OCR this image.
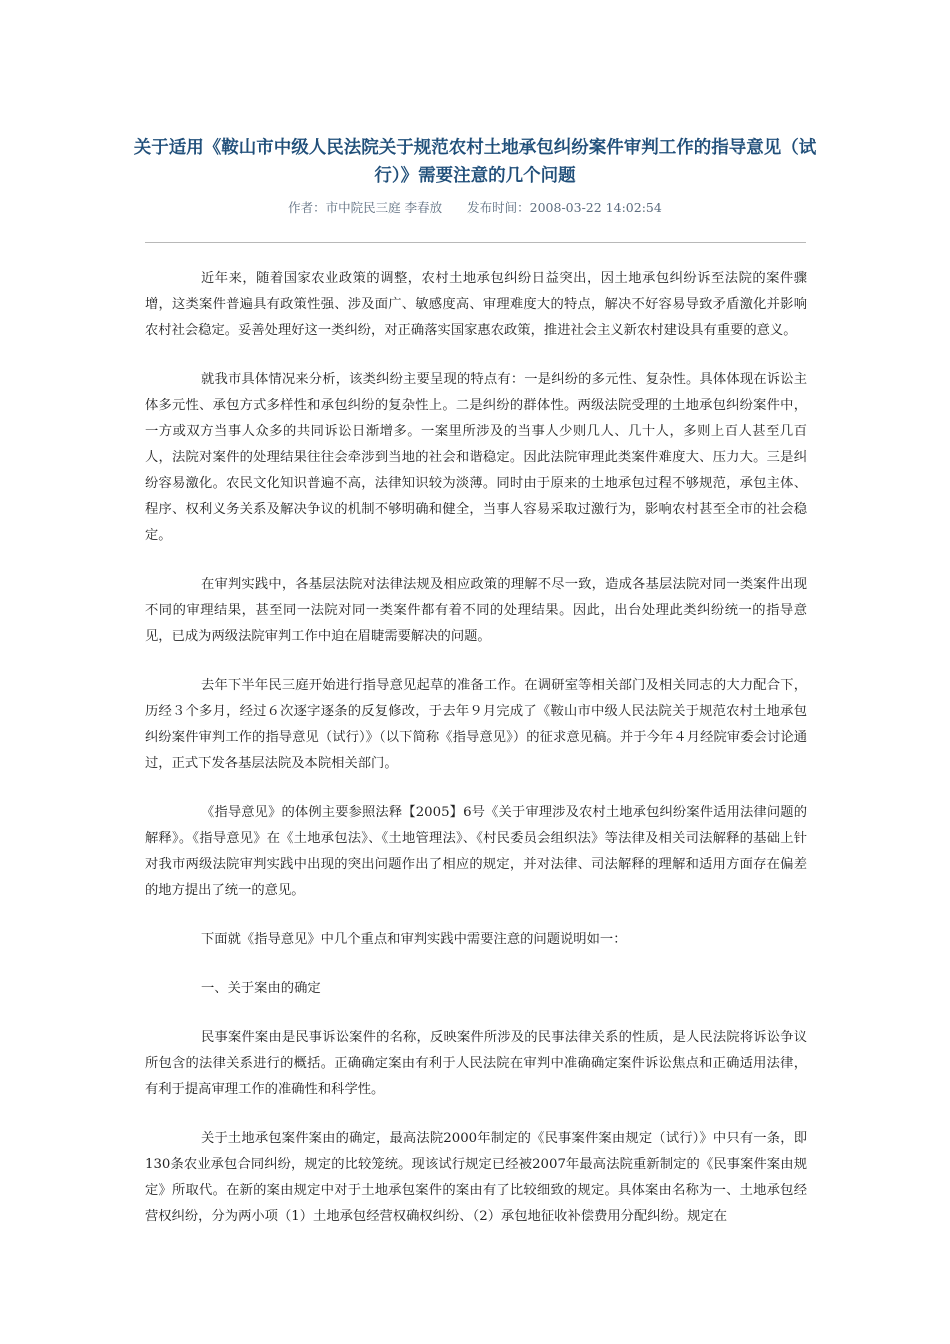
关于适用《鞍山市中级人民法院关于规范农村土地承包纠纷案件审判工作的指导意见（试行）》需要注意的几个问题
作者：市中院民三庭 李春放　　发布时间：2008-03-22 14:02:54

近年来，随着国家农业政策的调整，农村土地承包纠纷日益突出，因土地承包纠纷诉至法院的案件骤增，这类案件普遍具有政策性强、涉及面广、敏感度高、审理难度大的特点，解决不好容易导致矛盾激化并影响农村社会稳定。妥善处理好这一类纠纷，对正确落实国家惠农政策，推进社会主义新农村建设具有重要的意义。

就我市具体情况来分析，该类纠纷主要呈现的特点有：一是纠纷的多元性、复杂性。具体体现在诉讼主体多元性、承包方式多样性和承包纠纷的复杂性上。二是纠纷的群体性。两级法院受理的土地承包纠纷案件中，一方或双方当事人众多的共同诉讼日渐增多。一案里所涉及的当事人少则几人、几十人，多则上百人甚至几百人，法院对案件的处理结果往往会牵涉到当地的社会和谐稳定。因此法院审理此类案件难度大、压力大。三是纠纷容易激化。农民文化知识普遍不高，法律知识较为淡薄。同时由于原来的土地承包过程不够规范，承包主体、程序、权利义务关系及解决争议的机制不够明确和健全，当事人容易采取过激行为，影响农村甚至全市的社会稳定。

在审判实践中，各基层法院对法律法规及相应政策的理解不尽一致，造成各基层法院对同一类案件出现不同的审理结果，甚至同一法院对同一类案件都有着不同的处理结果。因此，出台处理此类纠纷统一的指导意见，已成为两级法院审判工作中迫在眉睫需要解决的问题。

去年下半年民三庭开始进行指导意见起草的准备工作。在调研室等相关部门及相关同志的大力配合下，历经３个多月，经过６次逐字逐条的反复修改，于去年９月完成了《鞍山市中级人民法院关于规范农村土地承包纠纷案件审判工作的指导意见（试行）》（以下简称《指导意见》）的征求意见稿。并于今年４月经院审委会讨论通过，正式下发各基层法院及本院相关部门。

《指导意见》的体例主要参照法释【2005】6号《关于审理涉及农村土地承包纠纷案件适用法律问题的解释》。《指导意见》在《土地承包法》、《土地管理法》、《村民委员会组织法》等法律及相关司法解释的基础上针对我市两级法院审判实践中出现的突出问题作出了相应的规定，并对法律、司法解释的理解和适用方面存在偏差的地方提出了统一的意见。

下面就《指导意见》中几个重点和审判实践中需要注意的问题说明如一：

一、关于案由的确定

民事案件案由是民事诉讼案件的名称，反映案件所涉及的民事法律关系的性质，是人民法院将诉讼争议所包含的法律关系进行的概括。正确确定案由有利于人民法院在审判中准确确定案件诉讼焦点和正确适用法律，有利于提高审理工作的准确性和科学性。

关于土地承包案件案由的确定，最高法院2000年制定的《民事案件案由规定（试行）》中只有一条，即130条农业承包合同纠纷，规定的比较笼统。现该试行规定已经被2007年最高法院重新制定的《民事案件案由规定》所取代。在新的案由规定中对于土地承包案件的案由有了比较细致的规定。具体案由名称为一、土地承包经营权纠纷，分为两小项（1）土地承包经营权确权纠纷、（2）承包地征收补偿费用分配纠纷。规定在
